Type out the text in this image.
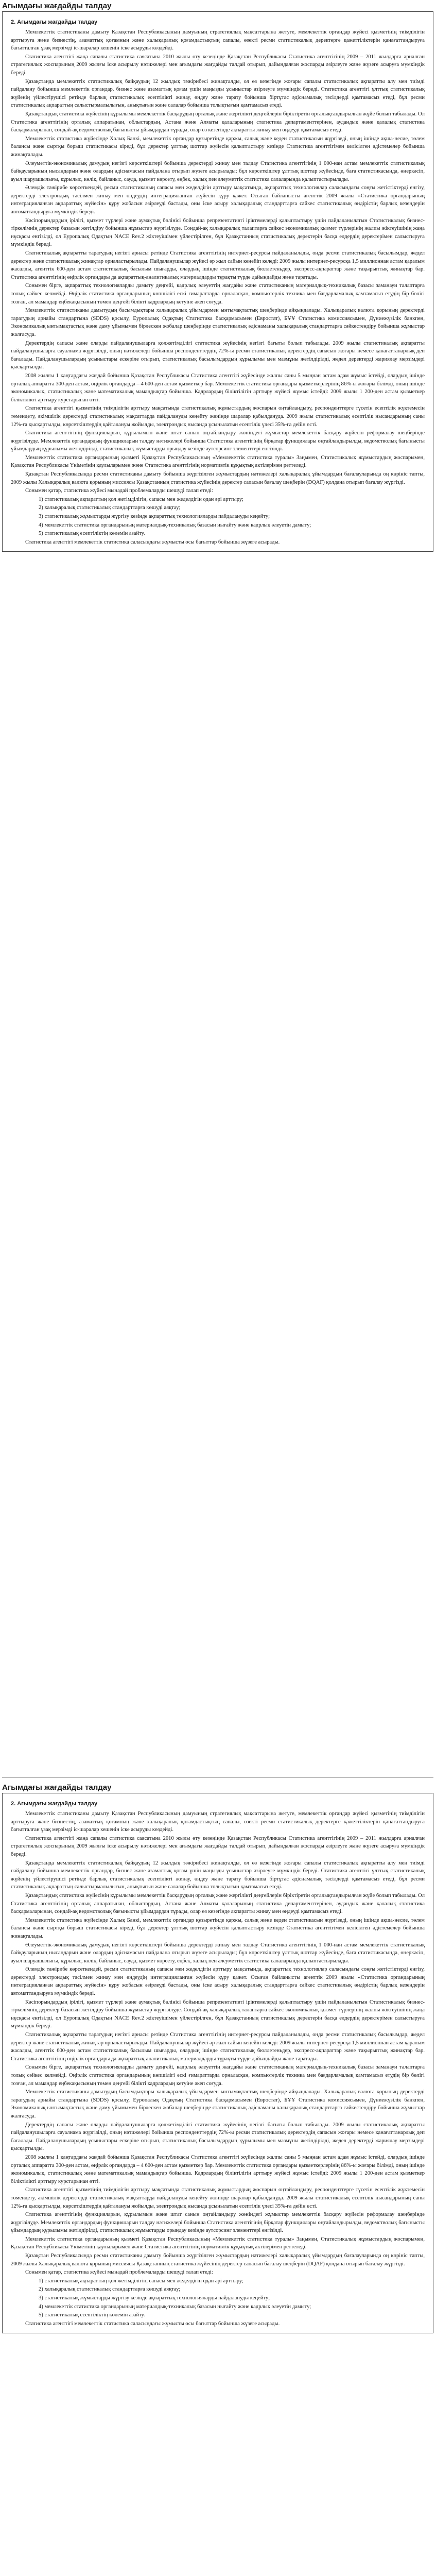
Агымдағы жағдайды талдау

2. Агымдағы жағдайды талдау

Мемлекеттік статистиканы дамыту Қазақстан Республикасының дамуының стратегиялық мақсаттарына жетуге, мемлекеттік органдар жүйесі қызметінің тиімділігін арттыруға және бизнестің, азаматтық қоғамның және халықаралық қоғамдастықтың сапалы, өзекті ресми статистикалық деректерге қажеттіліктерін қанағаттандыруға бағытталған ұзақ мерзімді іс-шаралар кешенін іске асыруды көздейді.

Статистика агенттігі жаңа сапалы статистика саясатына 2010 жылы өту кезеңінде Қазақстан Республикасы Статистика агенттігінің 2009 – 2011 жылдарға арналған стратегиялық жоспарының 2009 жылғы іске асырылу нәтижелері мен ағымдағы жағдайды талдай отырып, дайындалған жоспарды әзірлеуге және жүзеге асыруға мүмкіндік береді.

Қазақстанда мемлекеттік статистикалық байқаудың 12 жылдық тәжірибесі жинақталды, ол өз кезегінде жоғары сапалы статистикалық ақпаратты алу мен тиімді пайдалану бойынша мемлекеттік органдар, бизнес және азаматтық қоғам үшін маңызды ұсыныстар әзірлеуге мүмкіндік береді. Статистика агенттігі ұлттық статистикалық жүйенің үйлестірушісі ретінде барлық статистикалық есептілікті жинау, өңдеу және тарату бойынша біртұтас әдіснамалық тәсілдерді қамтамасыз етеді, бұл ресми статистикалық ақпараттың салыстырмалылығын, анықтығын және салалар бойынша толықтығын қамтамасыз етеді.

Қазақстандық статистика жүйесінің құрылымы мемлекеттік басқарудың орталық және жергілікті деңгейлерін біріктіретін орталықтандырылған жүйе болып табылады. Ол Статистика агенттігінің орталық аппаратынан, облыстардың, Астана және Алматы қалаларының статистика департаменттерінен, аудандық және қалалық статистика басқармаларынан, сондай-ақ ведомстволық бағынысты ұйымдардан тұрады, олар өз кезегінде ақпаратты жинау мен өңдеуді қамтамасыз етеді.

Мемлекеттік статистика жүйесінде Халық Банкі, мемлекеттік органдар құзыретінде қаржы, салық және кеден статистикасын жүргізеді, оның ішінде ақша-несие, төлем балансы және сыртқы борыш статистикасы кіреді, бұл деректер ұлттық шоттар жүйесін қалыптастыру кезінде Статистика агенттігімен келісілген әдістемелер бойынша жинақталады.

Әлеуметтік-экономикалық дамудың негізгі көрсеткіштері бойынша деректерді жинау мен талдау Статистика агенттігінің 1 000-нан астам мемлекеттік статистикалық байқауларының нысандарын және олардың әдіснамасын пайдалана отырып жүзеге асырылады; бұл көрсеткіштер ұлттық шоттар жүйесінде, баға статистикасында, өнеркәсіп, ауыл шаруашылығы, құрылыс, көлік, байланыс, сауда, қызмет көрсету, еңбек, халық пен әлеуметтік статистика салаларында қалыптастырылады.

Әлемдік тәжірибе көрсеткендей, ресми статистиканың сапасы мен жеделдігін арттыру мақсатында, ақпараттық технологиялар саласындағы соңғы жетістіктерді енгізу, деректерді электрондық тәсілмен жинау мен өңдеудің интеграцияланған жүйесін құру қажет. Осыған байланысты агенттік 2009 жылы «Статистика органдарының интеграцияланған ақпараттық жүйесін» құру жобасын әзірлеуді бастады, оны іске асыру халықаралық стандарттарға сәйкес статистикалық өндірістің барлық кезеңдерін автоматтандыруға мүмкіндік береді.

Кәсіпорындардың ірілігі, қызмет түрлері және аумақтық бөлінісі бойынша репрезентативті іріктемелерді қалыптастыру үшін пайдаланылатын Статистикалық бизнес-тіркелімнің деректер базасын жетілдіру бойынша жұмыстар жүргізілуде. Сондай-ақ халықаралық талаптарға сәйкес экономикалық қызмет түрлерінің жалпы жіктеуішінің жаңа нұсқасы енгізілді, ол Еуропалық Одақтың NACE Rev.2 жіктеуішімен үйлестірілген, бұл Қазақстанның статистикалық деректерін басқа елдердің деректерімен салыстыруға мүмкіндік береді.

Статистикалық ақпаратты таратудың негізгі арнасы ретінде Статистика агенттігінің интернет-ресурсы пайдаланылады, онда ресми статистикалық басылымдар, жедел деректер және статистикалық жинақтар орналастырылады. Пайдаланушылар жүйесі әр жыл сайын кеңейіп келеді: 2009 жылы интернет-ресурсқа 1,5 миллионнан астам қаралым жасалды, агенттік 600-ден астам статистикалық басылым шығарды, олардың ішінде статистикалық бюллетеньдер, экспресс-ақпараттар және тақырыптық жинақтар бар. Статистика агенттігінің өңірлік органдары да ақпараттық-аналитикалық материалдарды тұрақты түрде дайындайды және таратады.

Сонымен бірге, ақпараттық технологияларды дамыту деңгейі, кадрлық әлеуеттің жағдайы және статистиканың материалдық-техникалық базасы заманауи талаптарға толық сәйкес келмейді. Өңірлік статистика органдарының көпшілігі ескі ғимараттарда орналасқан, компьютерлік техника мен бағдарламалық қамтамасыз етудің бір бөлігі тозған, ал мамандар еңбекақысының төмен деңгейі білікті кадрлардың кетуіне әкеп соғуда.

Мемлекеттік статистиканы дамытудың басымдықтары халықаралық ұйымдармен ынтымақтастық шеңберінде айқындалады. Халықаралық валюта қорының деректерді таратудың арнайы стандартына (SDDS) қосылу, Еуропалық Одақтың Статистика басқармасымен (Евростат), БҰҰ Статистика комиссиясымен, Дүниежүзілік банкпен, Экономикалық ынтымақтастық және даму ұйымымен бірлескен жобалар шеңберінде статистикалық әдіснаманы халықаралық стандарттарға сәйкестендіру бойынша жұмыстар жалғасуда.

Деректердің сапасы және оларды пайдаланушыларға қолжетімділігі статистика жүйесінің негізгі бағыты болып табылады. 2009 жылы статистикалық ақпаратты пайдаланушыларға сауалнама жүргізілді, оның нәтижелері бойынша респонденттердің 72%-ы ресми статистикалық деректердің сапасын жоғары немесе қанағаттанарлық деп бағалады. Пайдаланушылардың ұсыныстары ескеріле отырып, статистикалық басылымдардың құрылымы мен мазмұны жетілдірілді, жедел деректерді жариялау мерзімдері қысқартылды.

2008 жылғы 1 қаңтардағы жағдай бойынша Қазақстан Республикасы Статистика агенттігі жүйесінде жалпы саны 5 мыңнан астам адам жұмыс істейді, олардың ішінде орталық аппаратта 300-ден астам, өңірлік органдарда – 4 600-ден астам қызметкер бар. Мемлекеттік статистика органдары қызметкерлерінің 86%-ы жоғары білімді, оның ішінде экономикалық, статистикалық және математикалық мамандықтар бойынша. Кадрлардың біліктілігін арттыру жүйесі жұмыс істейді: 2009 жылы 1 200-ден астам қызметкер біліктілікті арттыру курстарынан өтті.

Статистика агенттігі қызметінің тиімділігін арттыру мақсатында статистикалық жұмыстардың жоспарын оңтайландыру, респонденттерге түсетін есептілік жүктемесін төмендету, әкімшілік деректерді статистикалық мақсаттарда пайдалануды кеңейту жөнінде шаралар қабылдануда. 2009 жылы статистикалық есептілік нысандарының саны 12%-ға қысқартылды, көрсеткіштердің қайталануы жойылды, электрондық нысанда ұсынылатын есептілік үлесі 35%-ға дейін өсті.

Статистика агенттігінің функцияларын, құрылымын және штат санын оңтайландыру жөніндегі жұмыстар мемлекеттік басқару жүйесін реформалау шеңберінде жүргізілуде. Мемлекеттік органдардың функцияларын талдау нәтижелері бойынша Статистика агенттігінің бірқатар функциялары оңтайландырылды, ведомстволық бағынысты ұйымдардың құрылымы жетілдірілді, статистикалық жұмыстарды орындау кезінде аутсорсинг элементтері енгізілді.

Мемлекеттік статистика органдарының қызметі Қазақстан Республикасының «Мемлекеттік статистика туралы» Заңымен, Статистикалық жұмыстардың жоспарымен, Қазақстан Республикасы Үкіметінің қаулыларымен және Статистика агенттігінің нормативтік құқықтық актілерімен реттеледі.

Қазақстан Республикасында ресми статистиканы дамыту бойынша жүргізілген жұмыстардың нәтижелері халықаралық ұйымдардың бағалауларында оң көрініс тапты, 2009 жылы Халықаралық валюта қорының миссиясы Қазақстанның статистика жүйесінің деректер сапасын бағалау шеңберін (DQAF) қолдана отырып бағалау жүргізді.

Сонымен қатар, статистика жүйесі мынадай проблемаларды шешуді талап етеді:

1) статистикалық ақпараттың қол жетімділігін, сапасы мен жеделдігін одан әрі арттыру;

2) халықаралық статистикалық стандарттарға көшуді аяқтау;

3) статистикалық жұмыстарды жүргізу кезінде ақпараттық технологияларды пайдалануды кеңейту;

4) мемлекеттік статистика органдарының материалдық-техникалық базасын нығайту және кадрлық әлеуетін дамыту;

5) статистикалық есептіліктің көлемін азайту.

Статистика агенттігі мемлекеттік статистика саласындағы жұмысты осы бағыттар бойынша жүзеге асырады.

Агымдағы жағдайды талдау

2. Агымдағы жағдайды талдау

Мемлекеттік статистиканы дамыту Қазақстан Республикасының дамуының стратегиялық мақсаттарына жетуге, мемлекеттік органдар жүйесі қызметінің тиімділігін арттыруға және бизнестің, азаматтық қоғамның және халықаралық қоғамдастықтың сапалы, өзекті ресми статистикалық деректерге қажеттіліктерін қанағаттандыруға бағытталған ұзақ мерзімді іс-шаралар кешенін іске асыруды көздейді.

Статистика агенттігі жаңа сапалы статистика саясатына 2010 жылы өту кезеңінде Қазақстан Республикасы Статистика агенттігінің 2009 – 2011 жылдарға арналған стратегиялық жоспарының 2009 жылғы іске асырылу нәтижелері мен ағымдағы жағдайды талдай отырып, дайындалған жоспарды әзірлеуге және жүзеге асыруға мүмкіндік береді.

Қазақстанда мемлекеттік статистикалық байқаудың 12 жылдық тәжірибесі жинақталды, ол өз кезегінде жоғары сапалы статистикалық ақпаратты алу мен тиімді пайдалану бойынша мемлекеттік органдар, бизнес және азаматтық қоғам үшін маңызды ұсыныстар әзірлеуге мүмкіндік береді. Статистика агенттігі ұлттық статистикалық жүйенің үйлестірушісі ретінде барлық статистикалық есептілікті жинау, өңдеу және тарату бойынша біртұтас әдіснамалық тәсілдерді қамтамасыз етеді, бұл ресми статистикалық ақпараттың салыстырмалылығын, анықтығын және салалар бойынша толықтығын қамтамасыз етеді.

Қазақстандық статистика жүйесінің құрылымы мемлекеттік басқарудың орталық және жергілікті деңгейлерін біріктіретін орталықтандырылған жүйе болып табылады. Ол Статистика агенттігінің орталық аппаратынан, облыстардың, Астана және Алматы қалаларының статистика департаменттерінен, аудандық және қалалық статистика басқармаларынан, сондай-ақ ведомстволық бағынысты ұйымдардан тұрады, олар өз кезегінде ақпаратты жинау мен өңдеуді қамтамасыз етеді.

Мемлекеттік статистика жүйесінде Халық Банкі, мемлекеттік органдар құзыретінде қаржы, салық және кеден статистикасын жүргізеді, оның ішінде ақша-несие, төлем балансы және сыртқы борыш статистикасы кіреді, бұл деректер ұлттық шоттар жүйесін қалыптастыру кезінде Статистика агенттігімен келісілген әдістемелер бойынша жинақталады.

Әлеуметтік-экономикалық дамудың негізгі көрсеткіштері бойынша деректерді жинау мен талдау Статистика агенттігінің 1 000-нан астам мемлекеттік статистикалық байқауларының нысандарын және олардың әдіснамасын пайдалана отырып жүзеге асырылады; бұл көрсеткіштер ұлттық шоттар жүйесінде, баға статистикасында, өнеркәсіп, ауыл шаруашылығы, құрылыс, көлік, байланыс, сауда, қызмет көрсету, еңбек, халық пен әлеуметтік статистика салаларында қалыптастырылады.

Әлемдік тәжірибе көрсеткендей, ресми статистиканың сапасы мен жеделдігін арттыру мақсатында, ақпараттық технологиялар саласындағы соңғы жетістіктерді енгізу, деректерді электрондық тәсілмен жинау мен өңдеудің интеграцияланған жүйесін құру қажет. Осыған байланысты агенттік 2009 жылы «Статистика органдарының интеграцияланған ақпараттық жүйесін» құру жобасын әзірлеуді бастады, оны іске асыру халықаралық стандарттарға сәйкес статистикалық өндірістің барлық кезеңдерін автоматтандыруға мүмкіндік береді.

Кәсіпорындардың ірілігі, қызмет түрлері және аумақтық бөлінісі бойынша репрезентативті іріктемелерді қалыптастыру үшін пайдаланылатын Статистикалық бизнес-тіркелімнің деректер базасын жетілдіру бойынша жұмыстар жүргізілуде. Сондай-ақ халықаралық талаптарға сәйкес экономикалық қызмет түрлерінің жалпы жіктеуішінің жаңа нұсқасы енгізілді, ол Еуропалық Одақтың NACE Rev.2 жіктеуішімен үйлестірілген, бұл Қазақстанның статистикалық деректерін басқа елдердің деректерімен салыстыруға мүмкіндік береді.

Статистикалық ақпаратты таратудың негізгі арнасы ретінде Статистика агенттігінің интернет-ресурсы пайдаланылады, онда ресми статистикалық басылымдар, жедел деректер және статистикалық жинақтар орналастырылады. Пайдаланушылар жүйесі әр жыл сайын кеңейіп келеді: 2009 жылы интернет-ресурсқа 1,5 миллионнан астам қаралым жасалды, агенттік 600-ден астам статистикалық басылым шығарды, олардың ішінде статистикалық бюллетеньдер, экспресс-ақпараттар және тақырыптық жинақтар бар. Статистика агенттігінің өңірлік органдары да ақпараттық-аналитикалық материалдарды тұрақты түрде дайындайды және таратады.

Сонымен бірге, ақпараттық технологияларды дамыту деңгейі, кадрлық әлеуеттің жағдайы және статистиканың материалдық-техникалық базасы заманауи талаптарға толық сәйкес келмейді. Өңірлік статистика органдарының көпшілігі ескі ғимараттарда орналасқан, компьютерлік техника мен бағдарламалық қамтамасыз етудің бір бөлігі тозған, ал мамандар еңбекақысының төмен деңгейі білікті кадрлардың кетуіне әкеп соғуда.

Мемлекеттік статистиканы дамытудың басымдықтары халықаралық ұйымдармен ынтымақтастық шеңберінде айқындалады. Халықаралық валюта қорының деректерді таратудың арнайы стандартына (SDDS) қосылу, Еуропалық Одақтың Статистика басқармасымен (Евростат), БҰҰ Статистика комиссиясымен, Дүниежүзілік банкпен, Экономикалық ынтымақтастық және даму ұйымымен бірлескен жобалар шеңберінде статистикалық әдіснаманы халықаралық стандарттарға сәйкестендіру бойынша жұмыстар жалғасуда.

Деректердің сапасы және оларды пайдаланушыларға қолжетімділігі статистика жүйесінің негізгі бағыты болып табылады. 2009 жылы статистикалық ақпаратты пайдаланушыларға сауалнама жүргізілді, оның нәтижелері бойынша респонденттердің 72%-ы ресми статистикалық деректердің сапасын жоғары немесе қанағаттанарлық деп бағалады. Пайдаланушылардың ұсыныстары ескеріле отырып, статистикалық басылымдардың құрылымы мен мазмұны жетілдірілді, жедел деректерді жариялау мерзімдері қысқартылды.

2008 жылғы 1 қаңтардағы жағдай бойынша Қазақстан Республикасы Статистика агенттігі жүйесінде жалпы саны 5 мыңнан астам адам жұмыс істейді, олардың ішінде орталық аппаратта 300-ден астам, өңірлік органдарда – 4 600-ден астам қызметкер бар. Мемлекеттік статистика органдары қызметкерлерінің 86%-ы жоғары білімді, оның ішінде экономикалық, статистикалық және математикалық мамандықтар бойынша. Кадрлардың біліктілігін арттыру жүйесі жұмыс істейді: 2009 жылы 1 200-ден астам қызметкер біліктілікті арттыру курстарынан өтті.

Статистика агенттігі қызметінің тиімділігін арттыру мақсатында статистикалық жұмыстардың жоспарын оңтайландыру, респонденттерге түсетін есептілік жүктемесін төмендету, әкімшілік деректерді статистикалық мақсаттарда пайдалануды кеңейту жөнінде шаралар қабылдануда. 2009 жылы статистикалық есептілік нысандарының саны 12%-ға қысқартылды, көрсеткіштердің қайталануы жойылды, электрондық нысанда ұсынылатын есептілік үлесі 35%-ға дейін өсті.

Статистика агенттігінің функцияларын, құрылымын және штат санын оңтайландыру жөніндегі жұмыстар мемлекеттік басқару жүйесін реформалау шеңберінде жүргізілуде. Мемлекеттік органдардың функцияларын талдау нәтижелері бойынша Статистика агенттігінің бірқатар функциялары оңтайландырылды, ведомстволық бағынысты ұйымдардың құрылымы жетілдірілді, статистикалық жұмыстарды орындау кезінде аутсорсинг элементтері енгізілді.

Мемлекеттік статистика органдарының қызметі Қазақстан Республикасының «Мемлекеттік статистика туралы» Заңымен, Статистикалық жұмыстардың жоспарымен, Қазақстан Республикасы Үкіметінің қаулыларымен және Статистика агенттігінің нормативтік құқықтық актілерімен реттеледі.

Қазақстан Республикасында ресми статистиканы дамыту бойынша жүргізілген жұмыстардың нәтижелері халықаралық ұйымдардың бағалауларында оң көрініс тапты, 2009 жылы Халықаралық валюта қорының миссиясы Қазақстанның статистика жүйесінің деректер сапасын бағалау шеңберін (DQAF) қолдана отырып бағалау жүргізді.

Сонымен қатар, статистика жүйесі мынадай проблемаларды шешуді талап етеді:

1) статистикалық ақпараттың қол жетімділігін, сапасы мен жеделдігін одан әрі арттыру;

2) халықаралық статистикалық стандарттарға көшуді аяқтау;

3) статистикалық жұмыстарды жүргізу кезінде ақпараттық технологияларды пайдалануды кеңейту;

4) мемлекеттік статистика органдарының материалдық-техникалық базасын нығайту және кадрлық әлеуетін дамыту;

5) статистикалық есептіліктің көлемін азайту.

Статистика агенттігі мемлекеттік статистика саласындағы жұмысты осы бағыттар бойынша жүзеге асырады.
